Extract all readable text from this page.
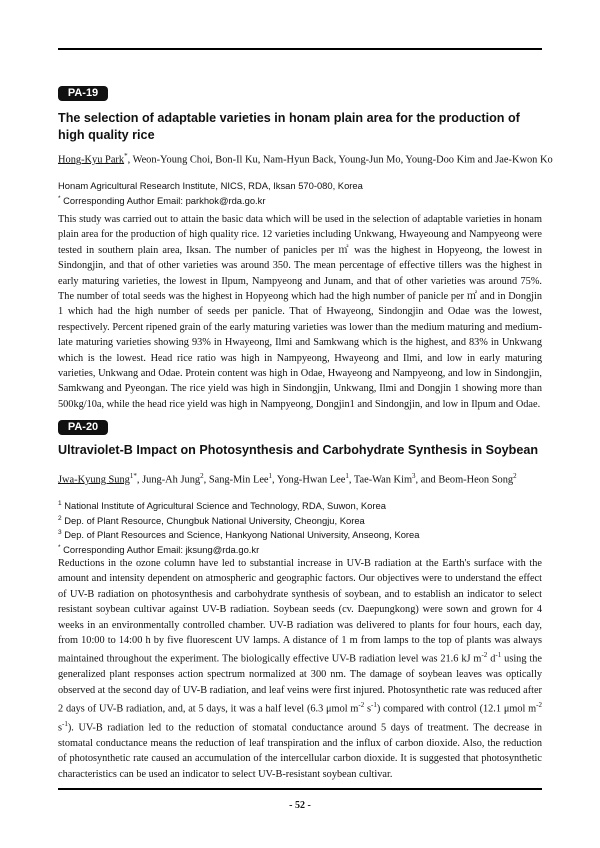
PA-19
The selection of adaptable varieties in honam plain area for the production of high quality rice

Hong-Kyu Park*, Weon-Young Choi, Bon-Il Ku, Nam-Hyun Back, Young-Jun Mo, Young-Doo Kim and Jae-Kwon Ko

Honam Agricultural Research Institute, NICS, RDA, Iksan 570-080, Korea
* Corresponding Author Email: parkhok@rda.go.kr

This study was carried out to attain the basic data which will be used in the selection of adaptable varieties in honam plain area for the production of high quality rice. 12 varieties including Unkwang, Hwayeoung and Nampyeong were tested in southern plain area, Iksan. The number of panicles per ㎡ was the highest in Hopyeong, the lowest in Sindongjin, and that of other varieties was around 350. The mean percentage of effective tillers was the highest in early maturing varieties, the lowest in Ilpum, Nampyeong and Junam, and that of other varieties was around 75%. The number of total seeds was the highest in Hopyeong which had the high number of panicle per ㎡ and in Dongjin 1 which had the high number of seeds per panicle. That of Hwayeong, Sindongjin and Odae was the lowest, respectively. Percent ripened grain of the early maturing varieties was lower than the medium maturing and medium-late maturing varieties showing 93% in Hwayeong, Ilmi and Samkwang which is the highest, and 83% in Unkwang which is the lowest. Head rice ratio was high in Nampyeong, Hwayeong and Ilmi, and low in early maturing varieties, Unkwang and Odae. Protein content was high in Odae, Hwayeong and Nampyeong, and low in Sindongjin, Samkwang and Pyeongan. The rice yield was high in Sindongjin, Unkwang, Ilmi and Dongjin 1 showing more than 500kg/10a, while the head rice yield was high in Nampyeong, Dongjin1 and Sindongjin, and low in Ilpum and Odae.

PA-20
Ultraviolet-B Impact on Photosynthesis and Carbohydrate Synthesis in Soybean

Jwa-Kyung Sung$^{1*}$, Jung-Ah Jung$^2$, Sang-Min Lee$^1$, Yong-Hwan Lee$^1$, Tae-Wan Kim$^3$, and Beom-Heon Song$^2$

$^1$ National Institute of Agricultural Science and Technology, RDA, Suwon, Korea
$^2$ Dep. of Plant Resource, Chungbuk National University, Cheongju, Korea
$^3$ Dep. of Plant Resources and Science, Hankyong National University, Anseong, Korea
* Corresponding Author Email: jksung@rda.go.kr

Reductions in the ozone column have led to substantial increase in UV-B radiation at the Earth's surface with the amount and intensity dependent on atmospheric and geographic factors. Our objectives were to understand the effect of UV-B radiation on photosynthesis and carbohydrate synthesis of soybean, and to establish an indicator to select resistant soybean cultivar against UV-B radiation. Soybean seeds (cv. Daepungkong) were sown and grown for 4 weeks in an environmentally controlled chamber. UV-B radiation was delivered to plants for four hours, each day, from 10:00 to 14:00 h by five fluorescent UV lamps. A distance of 1 m from lamps to the top of plants was always maintained throughout the experiment. The biologically effective UV-B radiation level was 21.6 kJ $m^{-2}$ $d^{-1}$ using the generalized plant responses action spectrum normalized at 300 nm. The damage of soybean leaves was optically observed at the second day of UV-B radiation, and leaf veins were first injured. Photosynthetic rate was reduced after 2 days of UV-B radiation, and, at 5 days, it was a half level (6.3 μmol $m^{-2}$ $s^{-1}$) compared with control (12.1 μmol $m^{-2}$ $s^{-1}$). UV-B radiation led to the reduction of stomatal conductance around 5 days of treatment. The decrease in stomatal conductance means the reduction of leaf transpiration and the influx of carbon dioxide. Also, the reduction of photosynthetic rate caused an accumulation of the intercellular carbon dioxide. It is suggested that photosynthetic characteristics can be used an indicator to select UV-B-resistant soybean cultivar.

- 52 -
